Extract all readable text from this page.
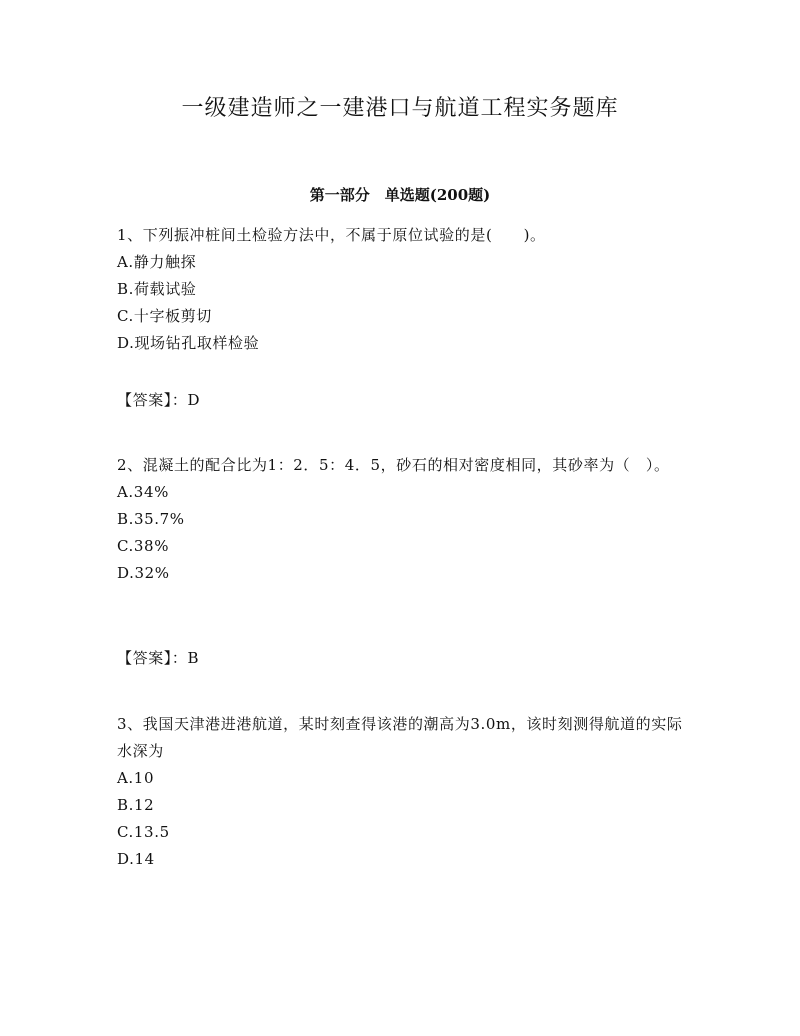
一级建造师之一建港口与航道工程实务题库
第一部分　单选题(200题)

1、下列振冲桩间土检验方法中，不属于原位试验的是(　　)。

A.静力触探

B.荷载试验

C.十字板剪切

D.现场钻孔取样检验

【答案】：D

2、混凝土的配合比为1：2．5：4．5，砂石的相对密度相同，其砂率为（　）。

A.34%

B.35.7%

C.38%

D.32%

【答案】：B

3、我国天津港进港航道，某时刻查得该港的潮高为3.0m，该时刻测得航道的实际水深为

A.10

B.12

C.13.5

D.14
